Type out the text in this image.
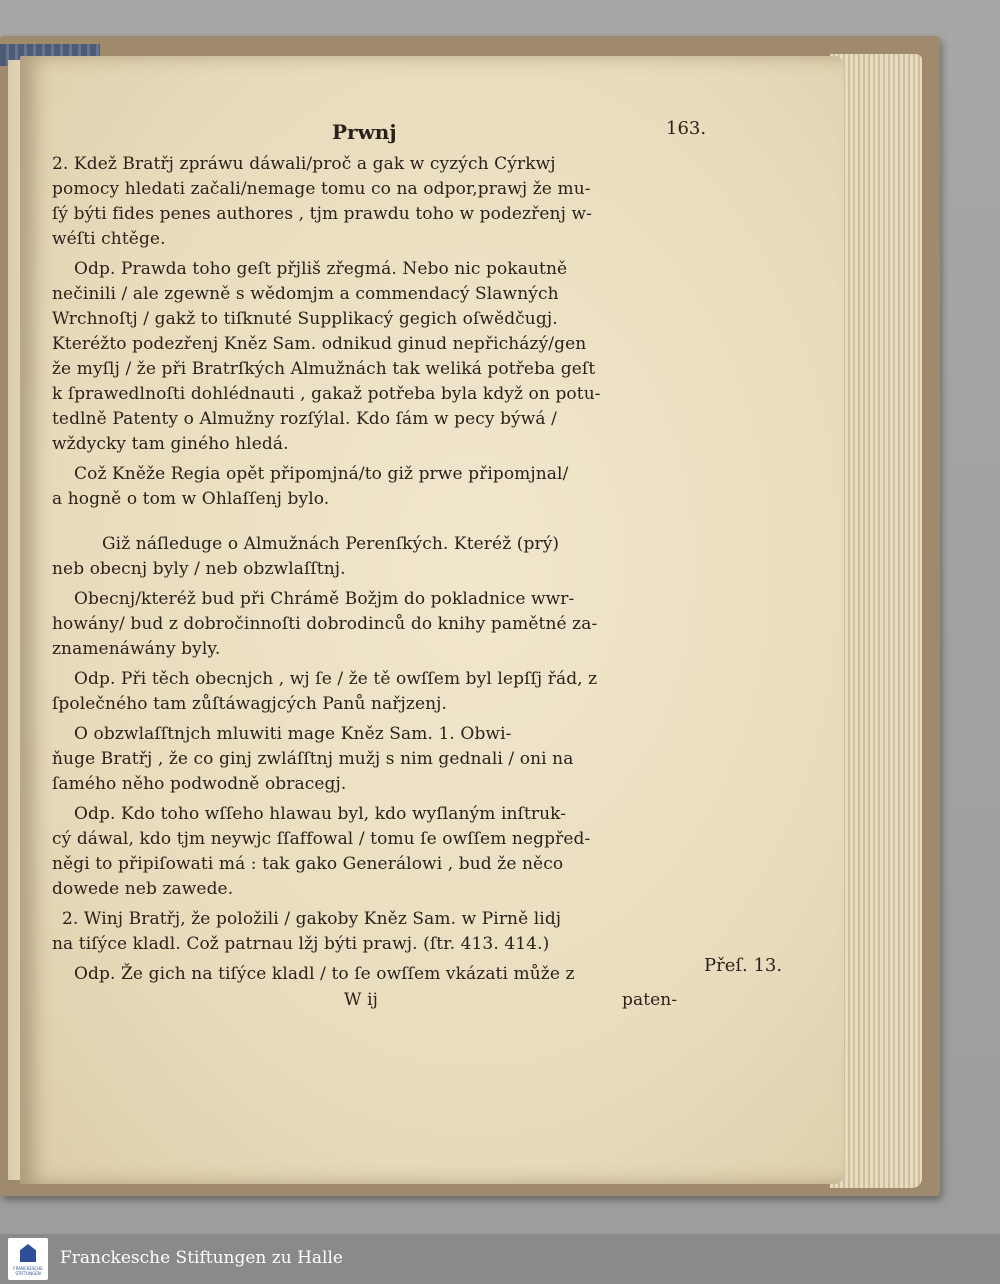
Prwnj	163.
2. Kdež Bratřj zpráwu dáwali/proč a gak w cyzých Cýrkwj
pomocy hledati začali/nemage tomu co na odpor,prawj že mu-
ſý býti fides penes authores , tjm prawdu toho w podezřenj w-
wéſti chtěge.
Odp. Prawda toho geſt přjliš zřegmá. Nebo nic pokautně
nečinili / ale zgewně s wědomjm a commendacý Slawných
Wrchnoſtj / gakž to tiſknuté Supplikacý gegich oſwědčugj.
Kteréžto podezřenj Kněz Sam. odnikud ginud nepřicházý/gen
že myſlj / že při Bratrſkých Almužnách tak weliká potřeba geſt
k ſprawedlnoſti dohlédnauti , gakaž potřeba byla když on potu-
tedlně Patenty o Almužny rozſýlal. Kdo ſám w pecy býwá /
wždycky tam giného hledá.
Což Kněže Regia opět připomjná/to giž prwe připomjnal/
a hogně o tom w Ohlaſſenj bylo.
Giž náſleduge o Almužnách Perenſkých. Kteréž (prý)
neb obecnj byly / neb obzwlaſſtnj.
Obecnj/kteréž bud při Chrámě Božjm do pokladnice wwr-
howány/ bud z dobročinnoſti dobrodinců do knihy pamětné za-
znamenáwány byly.
Odp. Při těch obecnjch , wj ſe / že tě owſſem byl lepſſj řád, z
ſpolečného tam zůſtáwagjcých Panů nařjzenj.
O obzwlaſſtnjch mluwiti mage Kněz Sam. 1. Obwi-
ňuge Bratřj , že co ginj zwláſſtnj mužj s nim gednali / oni na
ſamého něho podwodně obracegj.
Odp. Kdo toho wſſeho hlawau byl, kdo wyſlaným inſtruk-
cý dáwal, kdo tjm neywjc ſſaffowal / tomu ſe owſſem negpřed-
něgi to připiſowati má : tak gako Generálowi , bud že něco
dowede neb zawede.
2. Winj Bratřj, že položili / gakoby Kněz Sam. w Pirně lidj
na tiſýce kladl. Což patrnau lžj býti prawj. (ſtr. 413. 414.)
Odp. Že gich na tiſýce kladl / to ſe owſſem vkázati může z
W ij	paten-
Přeſ. 13.
FRANCKESCHE STIFTUNGEN
Franckesche Stiftungen zu Halle
